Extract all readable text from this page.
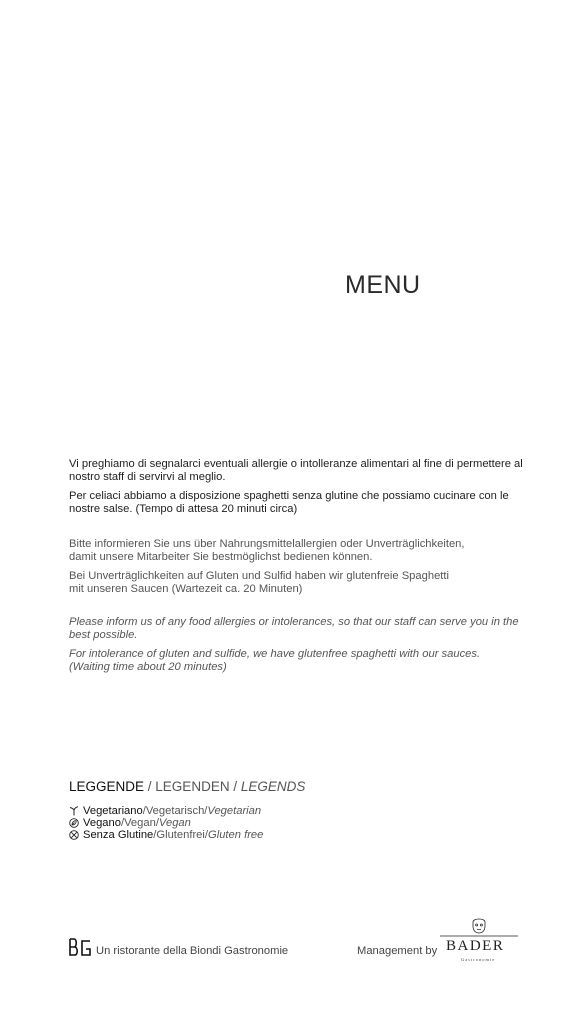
MENU

Vi preghiamo di segnalarci eventuali allergie o intolleranze alimentari al fine di permettere al nostro staff di servirvi al meglio.

Per celiaci abbiamo a disposizione spaghetti senza glutine che possiamo cucinare con le nostre salse. (Tempo di attesa 20 minuti circa)

Bitte informieren Sie uns über Nahrungsmittelallergien oder Unverträglichkeiten,
damit unsere Mitarbeiter Sie bestmöglichst bedienen können.

Bei Unverträglichkeiten auf Gluten und Sulfid haben wir glutenfreie Spaghetti
mit unseren Saucen (Wartezeit ca. 20 Minuten)

Please inform us of any food allergies or intolerances, so that our staff can serve you in the best possible.

For intolerance of gluten and sulfide, we have glutenfree spaghetti with our sauces.
(Waiting time about 20 minutes)

LEGGENDE / LEGENDEN / LEGENDS
Vegetariano / Vegetarisch / Vegetarian
Vegano / Vegan / Vegan
Senza Glutine / Glutenfrei / Gluten free
Un ristorante della Biondi Gastronomie	Management by BADER
Gastronomie
